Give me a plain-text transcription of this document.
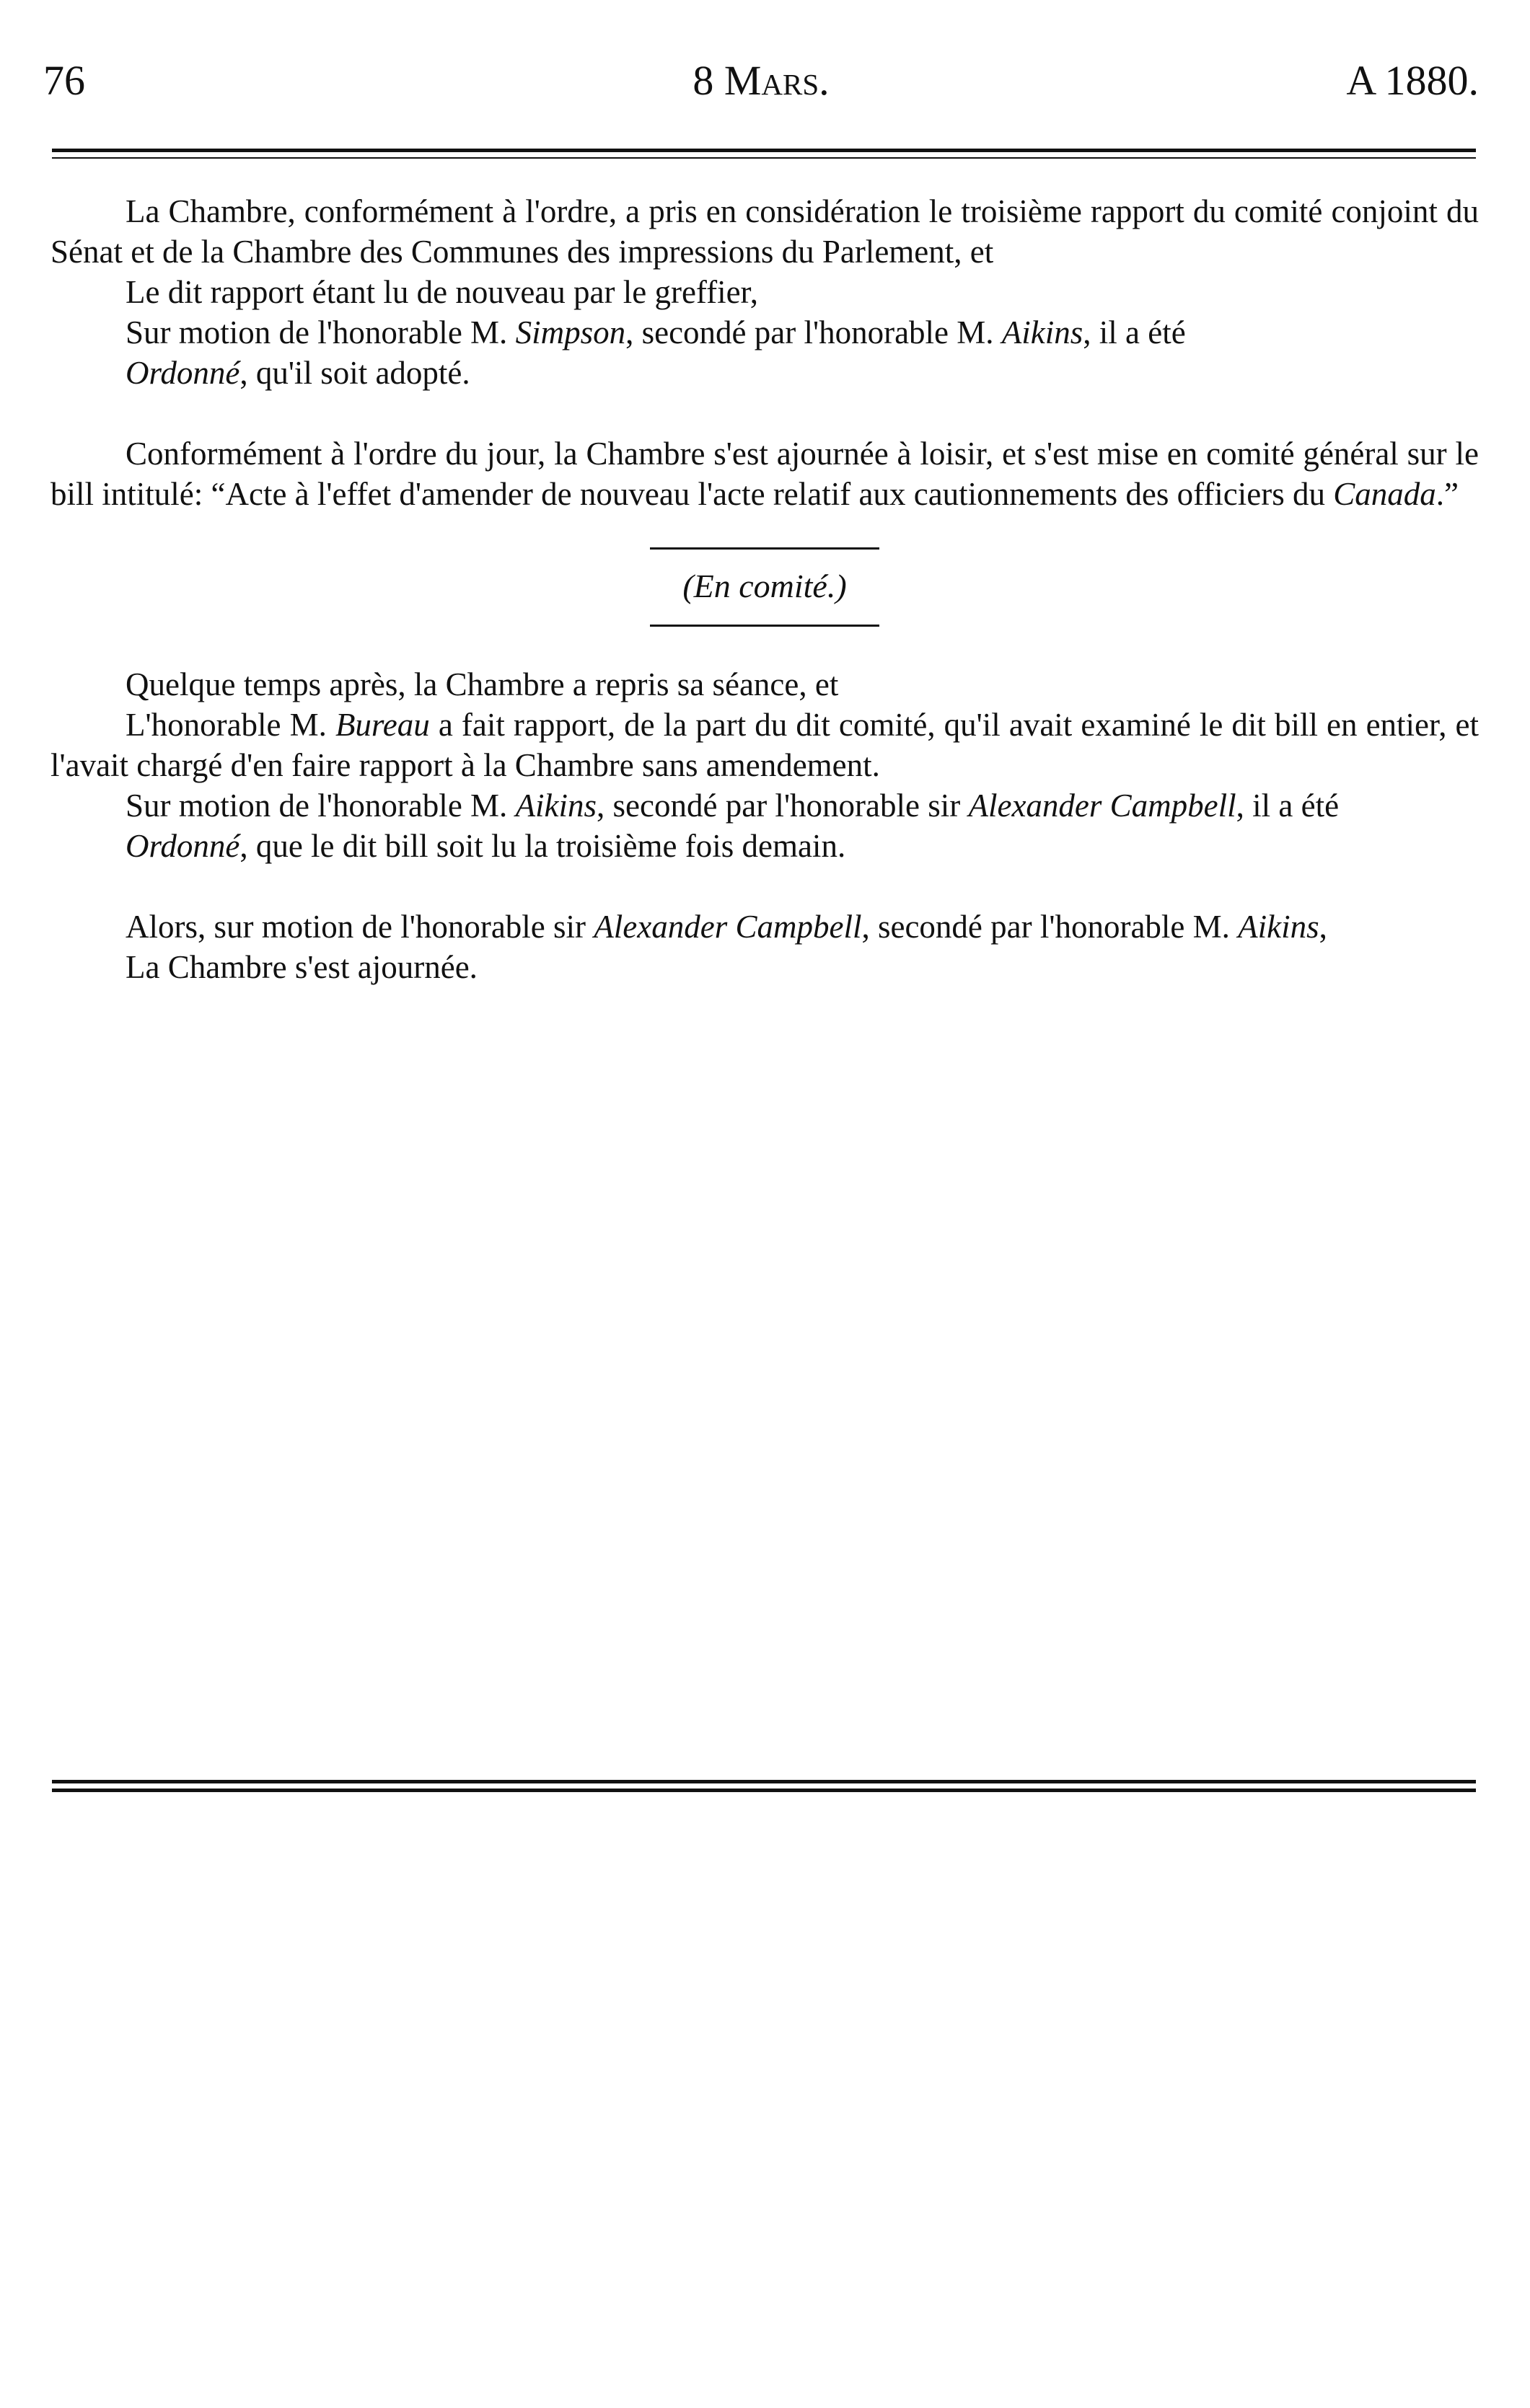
76	8 Mars.	A 1880.

La Chambre, conformément à l'ordre, a pris en considération le troisième rapport du comité conjoint du Sénat et de la Chambre des Communes des impressions du Parlement, et

Le dit rapport étant lu de nouveau par le greffier,

Sur motion de l'honorable M. Simpson, secondé par l'honorable M. Aikins, il a été

Ordonné, qu'il soit adopté.

Conformément à l'ordre du jour, la Chambre s'est ajournée à loisir, et s'est mise en comité général sur le bill intitulé: “Acte à l'effet d'amender de nouveau l'acte relatif aux cautionnements des officiers du Canada.”

(En comité.)

Quelque temps après, la Chambre a repris sa séance, et

L'honorable M. Bureau a fait rapport, de la part du dit comité, qu'il avait examiné le dit bill en entier, et l'avait chargé d'en faire rapport à la Chambre sans amendement.

Sur motion de l'honorable M. Aikins, secondé par l'honorable sir Alexander Campbell, il a été

Ordonné, que le dit bill soit lu la troisième fois demain.

Alors, sur motion de l'honorable sir Alexander Campbell, secondé par l'honorable M. Aikins,

La Chambre s'est ajournée.
